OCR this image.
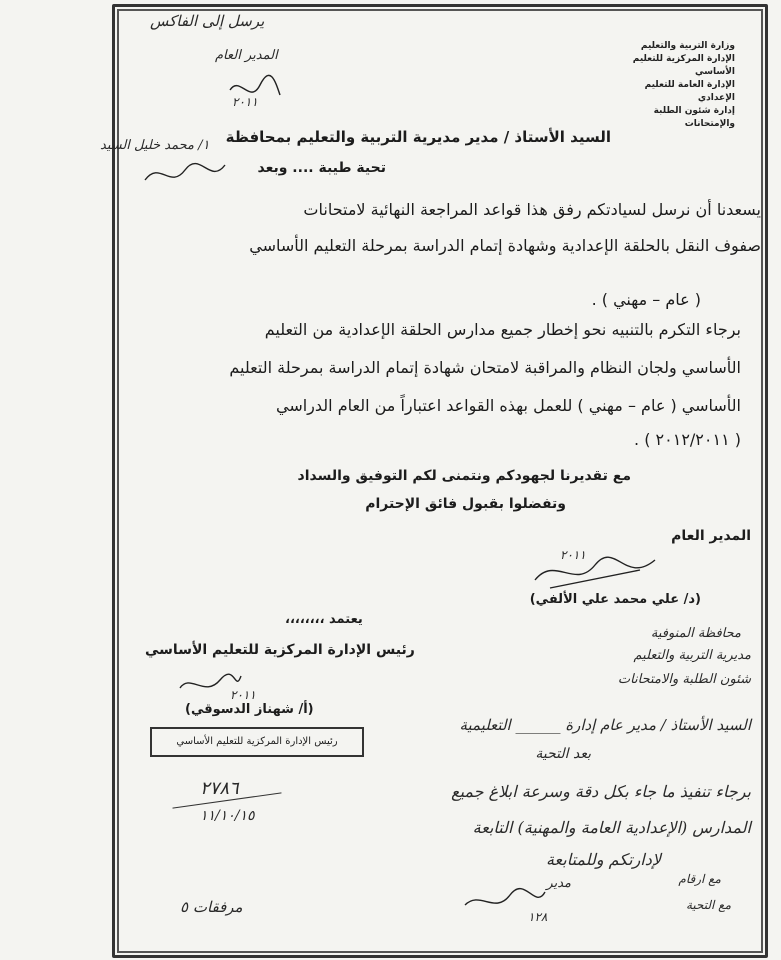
وزارة التربية والتعليم
الإدارة المركزية للتعليم الأساسي
الإدارة العامة للتعليم الإعدادي
إدارة شئون الطلبة والإمتحانات
يرسل إلى الفاكس
المدير العام
٢٠١١
١/ محمد خليل السيد السيد الأستاذ / مدير مديرية التربية والتعليم بمحافظة
تحية طيبة .... وبعد
يسعدنا أن نرسل لسيادتكم رفق هذا قواعد المراجعة النهائية لامتحانات
صفوف النقل بالحلقة الإعدادية وشهادة إتمام الدراسة بمرحلة التعليم الأساسي
( عام – مهني ) .
برجاء التكرم بالتنبيه نحو إخطار جميع مدارس الحلقة الإعدادية من التعليم
الأساسي ولجان النظام والمراقبة لامتحان شهادة إتمام الدراسة بمرحلة التعليم
الأساسي ( عام – مهني ) للعمل بهذه القواعد اعتباراً من العام الدراسي
( ٢٠١٢/٢٠١١ ) .
مع تقديرنا لجهودكم ونتمنى لكم التوفيق والسداد
وتفضلوا بقبول فائق الإحترام
المدير العام
٢٠١١
(د/ علي محمد علي الألفي)
يعتمد ،،،،،،،،
رئيس الإدارة المركزية للتعليم الأساسي
٢٠١١
(أ/ شهناز الدسوقي)
رئيس الإدارة المركزية للتعليم الأساسي
محافظة المنوفية
مديرية التربية والتعليم
شئون الطلبة والامتحانات
السيد الأستاذ / مدير عام إدارة ______ التعليمية
بعد التحية
برجاء تنفيذ ما جاء بكل دقة وسرعة ابلاغ جميع
المدارس (الإعدادية العامة والمهنية) التابعة
لإدارتكم وللمتابعة
مدير
١٢٨
مع ارقام
مع التحية
٢٧٨٦
١١/١٠/١٥
مرفقات ٥
